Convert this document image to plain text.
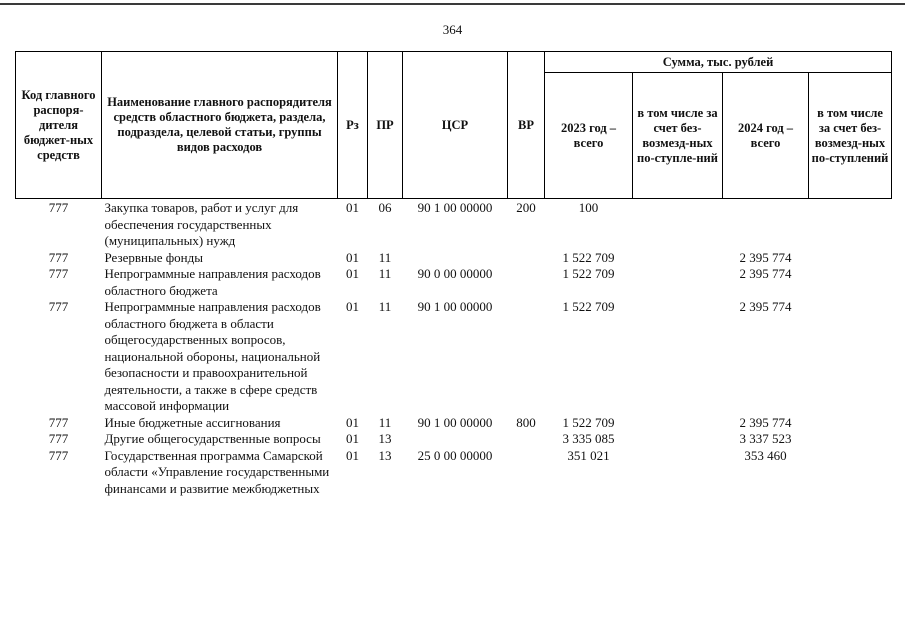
364
Код главного распоря-дителя бюджет-ных средств	Наименование главного распорядителя средств областного бюджета, раздела, подраздела, целевой статьи, группы видов расходов	Рз	ПР	ЦСР	ВР	Сумма, тыс. рублей			
						2023 год – всего	в том числе за счет без-возмезд-ных по-ступле-ний	2024 год – всего	в том числе за счет без-возмезд-ных по-ступлений
777	Закупка товаров, работ и услуг для обеспечения государственных (муниципальных) нужд	01	06	90 1 00 00000	200	100			
777	Резервные фонды	01	11			1 522 709		2 395 774	
777	Непрограммные направления расходов областного бюджета	01	11	90 0 00 00000		1 522 709		2 395 774	
777	Непрограммные направления расходов областного бюджета в области общегосударственных вопросов, национальной обороны, национальной безопасности и правоохранительной деятельности, а также в сфере средств массовой информации	01	11	90 1 00 00000		1 522 709		2 395 774	
777	Иные бюджетные ассигнования	01	11	90 1 00 00000	800	1 522 709		2 395 774	
777	Другие общегосударственные вопросы	01	13			3 335 085		3 337 523	
777	Государственная программа Самарской области «Управление государственными финансами и развитие межбюджетных	01	13	25 0 00 00000		351 021		353 460	
